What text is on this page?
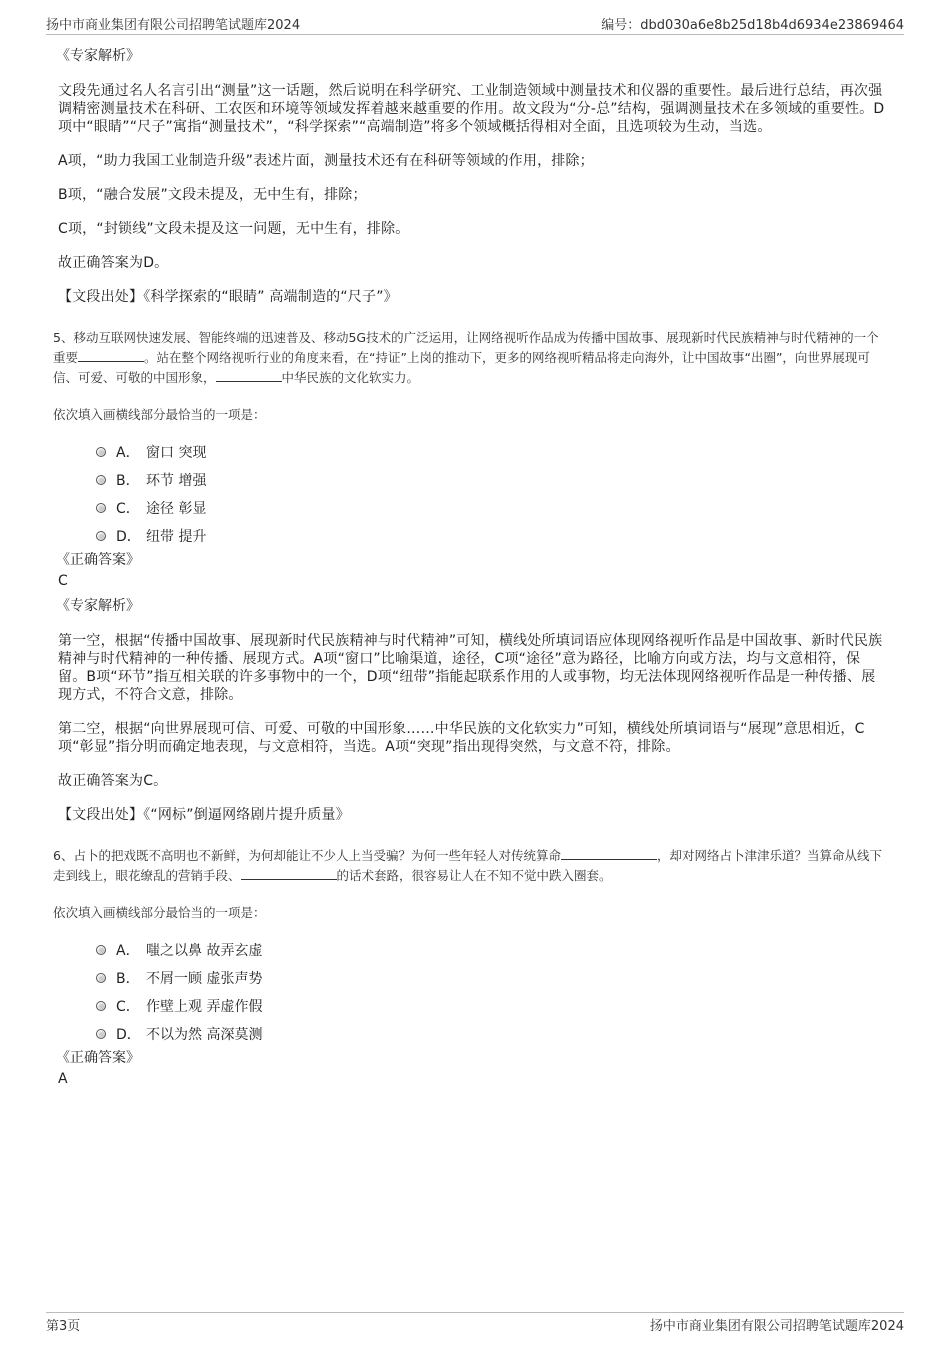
扬中市商业集团有限公司招聘笔试题库2024	编号：dbd030a6e8b25d18b4d6934e23869464
《专家解析》

文段先通过名人名言引出“测量”这一话题，然后说明在科学研究、工业制造领域中测量技术和仪器的重要性。最后进行总结，再次强调精密测量技术在科研、工农医和环境等领域发挥着越来越重要的作用。故文段为“分-总”结构，强调测量技术在多领域的重要性。D项中“眼睛”“尺子”寓指“测量技术”，“科学探索”“高端制造”将多个领域概括得相对全面，且选项较为生动，当选。

A项，“助力我国工业制造升级”表述片面，测量技术还有在科研等领域的作用，排除；

B项，“融合发展”文段未提及，无中生有，排除；

C项，“封锁线”文段未提及这一问题，无中生有，排除。

故正确答案为D。

【文段出处】《科学探索的“眼睛” 高端制造的“尺子”》

5、移动互联网快速发展、智能终端的迅速普及、移动5G技术的广泛运用，让网络视听作品成为传播中国故事、展现新时代民族精神与时代精神的一个重要	。站在整个网络视听行业的角度来看，在“持证”上岗的推动下，更多的网络视听精品将走向海外，让中国故事“出圈”，向世界展现可信、可爱、可敬的中国形象，	中华民族的文化软实力。
依次填入画横线部分最恰当的一项是：
A． 窗口 突现
B． 环节 增强
C． 途径 彰显
D． 纽带 提升
《正确答案》
C
《专家解析》

第一空，根据“传播中国故事、展现新时代民族精神与时代精神”可知，横线处所填词语应体现网络视听作品是中国故事、新时代民族精神与时代精神的一种传播、展现方式。A项“窗口”比喻渠道，途径，C项“途径”意为路径，比喻方向或方法，均与文意相符，保留。B项“环节”指互相关联的许多事物中的一个，D项“纽带”指能起联系作用的人或事物，均无法体现网络视听作品是一种传播、展现方式，不符合文意，排除。

第二空，根据“向世界展现可信、可爱、可敬的中国形象……中华民族的文化软实力”可知，横线处所填词语与“展现”意思相近，C项“彰显”指分明而确定地表现，与文意相符，当选。A项“突现”指出现得突然，与文意不符，排除。

故正确答案为C。

【文段出处】《“网标”倒逼网络剧片提升质量》

6、占卜的把戏既不高明也不新鲜，为何却能让不少人上当受骗？为何一些年轻人对传统算命	，却对网络占卜津津乐道？当算命从线下走到线上，眼花缭乱的营销手段、	的话术套路，很容易让人在不知不觉中跌入圈套。
依次填入画横线部分最恰当的一项是：
A． 嗤之以鼻 故弄玄虚
B． 不屑一顾 虚张声势
C． 作壁上观 弄虚作假
D． 不以为然 高深莫测
《正确答案》
A
第3页	扬中市商业集团有限公司招聘笔试题库2024
